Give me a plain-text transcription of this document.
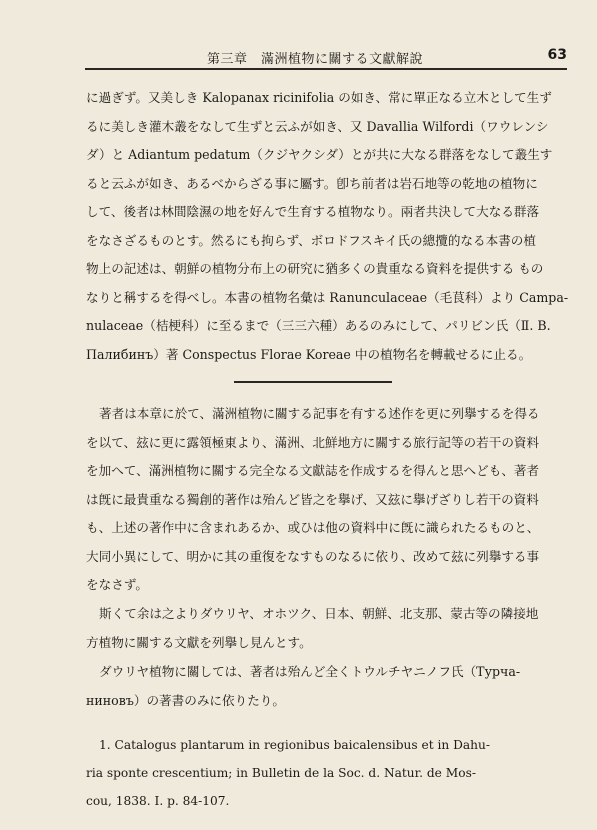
第三章　滿洲植物に關する文獻解說	63
に過ぎず。又美しき Kalopanax ricinifolia の如き、常に單正なる立木として生ず
るに美しき灌木叢をなして生ずと云ふが如き、又 Davallia Wilfordi（ワウレンシ
ダ）と Adiantum pedatum（クジヤクシダ）とが共に大なる群落をなして叢生す
ると云ふが如き、あるべからざる事に屬す。卽ち前者は岩石地等の乾地の植物に
して、後者は林間陰濕の地を好んで生育する植物なり。兩者共決して大なる群落
をなさざるものとす。然るにも拘らず、ボロドフスキイ氏の總攬的なる本書の植
物上の記述は、朝鮮の植物分布上の研究に猶多くの貴重なる資料を提供する もの
なりと稱するを得べし。本書の植物名彙は Ranunculaceae（毛茛科）より Campa-
nulaceae（桔梗科）に至るまで（三三六種）あるのみにして、パリビン氏（Ⅱ. B.
Палибинъ）著 Conspectus Florae Koreae 中の植物名を轉載せるに止る。
著者は本章に於て、滿洲植物に關する記事を有する述作を更に列擧するを得る
を以て、玆に更に露領極東より、滿洲、北鮮地方に關する旅行記等の若干の資料
を加へて、滿洲植物に關する完全なる文獻誌を作成するを得んと思へども、著者
は旣に最貴重なる獨創的著作は殆んど皆之を擧げ、又玆に擧げざりし若干の資料
も、上述の著作中に含まれあるか、或ひは他の資料中に旣に識られたるものと、
大同小異にして、明かに其の重復をなすものなるに依り、改めて玆に列擧する事
をなさず。
斯くて余は之よりダウリヤ、オホツク、日本、朝鮮、北支那、蒙古等の隣接地
方植物に關する文獻を列擧し見んとす。
ダウリヤ植物に關しては、著者は殆んど全くトウルチヤニノフ氏（Турча-
ниновъ）の著書のみに依りたり。
1. Catalogus plantarum in regionibus baicalensibus et in Dahu-
ria sponte crescentium; in Bulletin de la Soc. d. Natur. de Mos-
cou, 1838. I. p. 84-107.
